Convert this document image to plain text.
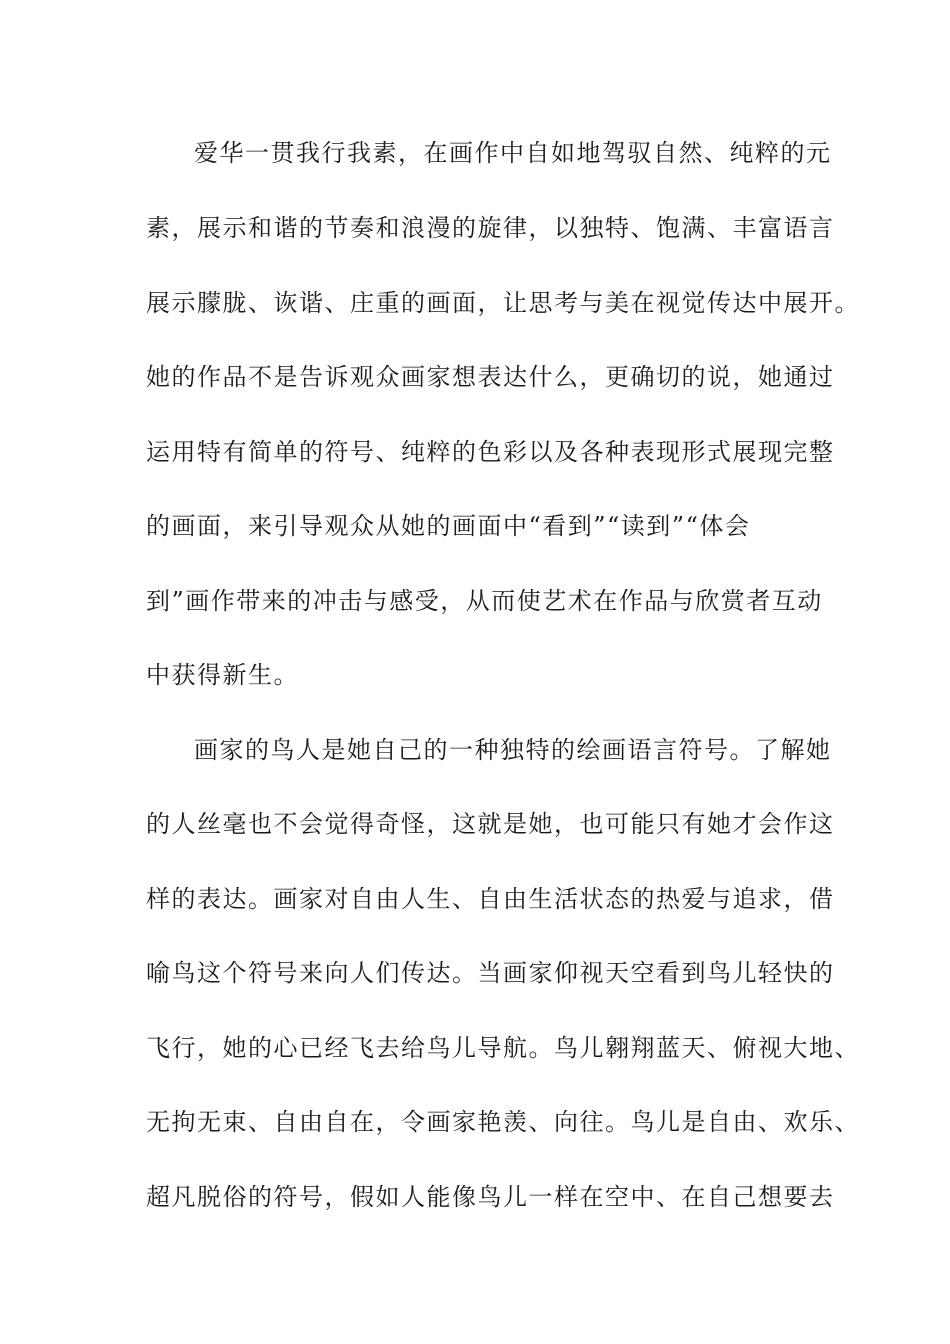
爱华一贯我行我素，在画作中自如地驾驭自然、纯粹的元
素，展示和谐的节奏和浪漫的旋律，以独特、饱满、丰富语言
展示朦胧、诙谐、庄重的画面，让思考与美在视觉传达中展开。
她的作品不是告诉观众画家想表达什么，更确切的说，她通过
运用特有简单的符号、纯粹的色彩以及各种表现形式展现完整
的画面，来引导观众从她的画面中“看到”“读到”“体会
到”画作带来的冲击与感受，从而使艺术在作品与欣赏者互动
中获得新生。
画家的鸟人是她自己的一种独特的绘画语言符号。了解她
的人丝毫也不会觉得奇怪，这就是她，也可能只有她才会作这
样的表达。画家对自由人生、自由生活状态的热爱与追求，借
喻鸟这个符号来向人们传达。当画家仰视天空看到鸟儿轻快的
飞行，她的心已经飞去给鸟儿导航。鸟儿翱翔蓝天、俯视大地、
无拘无束、自由自在，令画家艳羡、向往。鸟儿是自由、欢乐、
超凡脱俗的符号，假如人能像鸟儿一样在空中、在自己想要去
